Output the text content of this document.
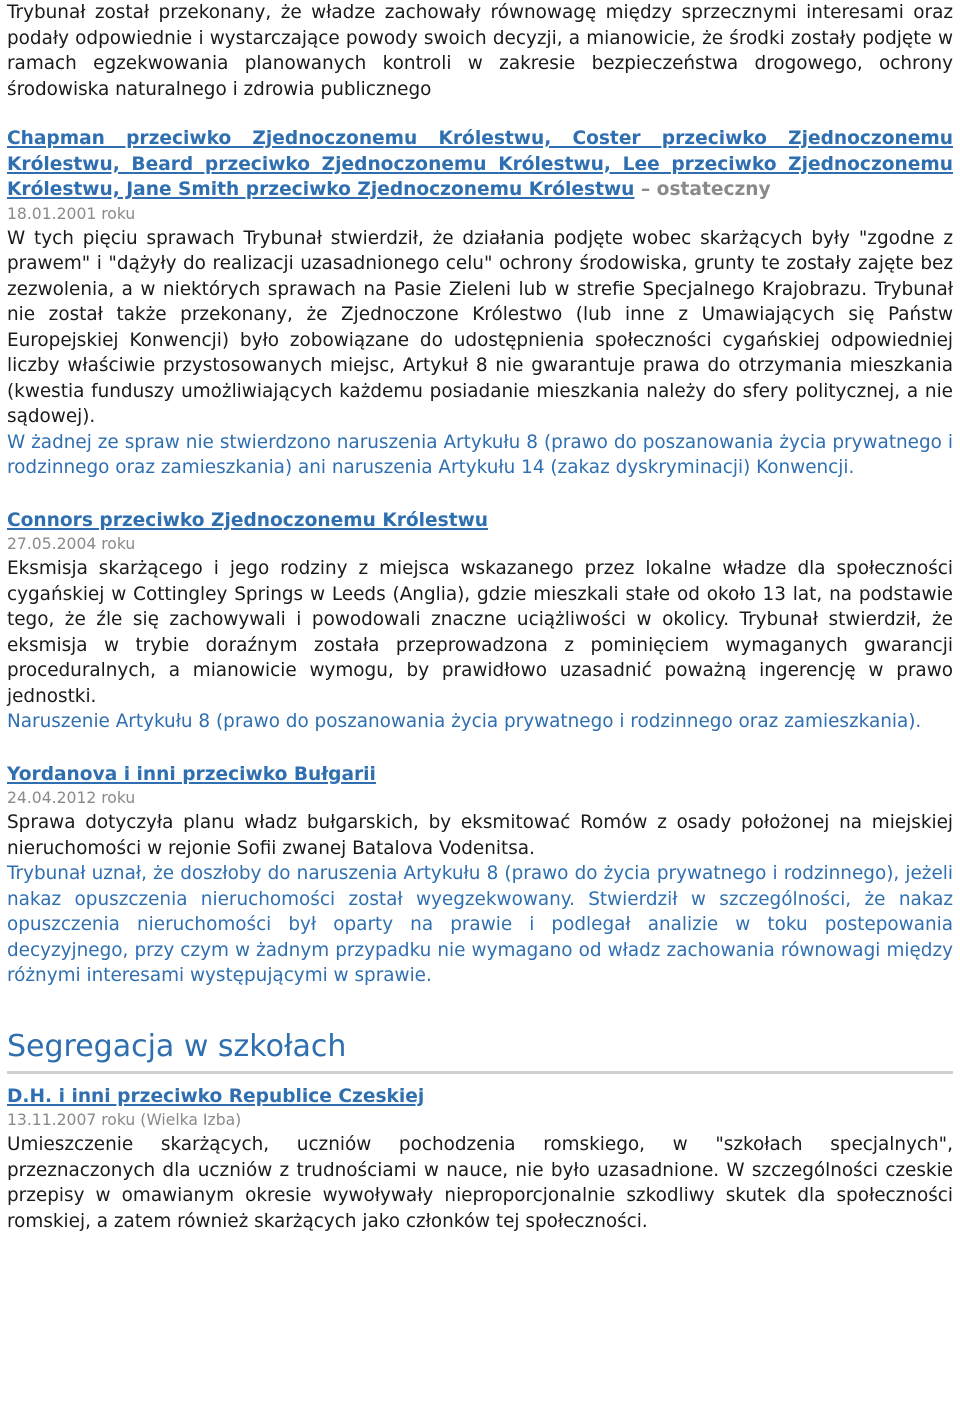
Trybunał został przekonany, że władze zachowały równowagę między sprzecznymi interesami oraz podały odpowiednie i wystarczające powody swoich decyzji, a mianowicie, że środki zostały podjęte w ramach egzekwowania planowanych kontroli w zakresie bezpieczeństwa drogowego, ochrony środowiska naturalnego i zdrowia publicznego

Chapman przeciwko Zjednoczonemu Królestwu, Coster przeciwko Zjednoczonemu Królestwu, Beard przeciwko Zjednoczonemu Królestwu, Lee przeciwko Zjednoczonemu Królestwu, Jane Smith przeciwko Zjednoczonemu Królestwu – ostateczny
18.01.2001 roku

W tych pięciu sprawach Trybunał stwierdził, że działania podjęte wobec skarżących były "zgodne z prawem" i "dążyły do realizacji uzasadnionego celu" ochrony środowiska, grunty te zostały zajęte bez zezwolenia, a w niektórych sprawach na Pasie Zieleni lub w strefie Specjalnego Krajobrazu. Trybunał nie został także przekonany, że Zjednoczone Królestwo (lub inne z Umawiających się Państw Europejskiej Konwencji) było zobowiązane do udostępnienia społeczności cygańskiej odpowiedniej liczby właściwie przystosowanych miejsc, Artykuł 8 nie gwarantuje prawa do otrzymania mieszkania (kwestia funduszy umożliwiających każdemu posiadanie mieszkania należy do sfery politycznej, a nie sądowej).

W żadnej ze spraw nie stwierdzono naruszenia Artykułu 8 (prawo do poszanowania życia prywatnego i rodzinnego oraz zamieszkania) ani naruszenia Artykułu 14 (zakaz dyskryminacji) Konwencji.

Connors przeciwko Zjednoczonemu Królestwu
27.05.2004 roku

Eksmisja skarżącego i jego rodziny z miejsca wskazanego przez lokalne władze dla społeczności cygańskiej w Cottingley Springs w Leeds (Anglia), gdzie mieszkali stałe od około 13 lat, na podstawie tego, że źle się zachowywali i powodowali znaczne uciążliwości w okolicy. Trybunał stwierdził, że eksmisja w trybie doraźnym została przeprowadzona z pominięciem wymaganych gwarancji proceduralnych, a mianowicie wymogu, by prawidłowo uzasadnić poważną ingerencję w prawo jednostki.

Naruszenie Artykułu 8 (prawo do poszanowania życia prywatnego i rodzinnego oraz zamieszkania).

Yordanova i inni przeciwko Bułgarii
24.04.2012 roku

Sprawa dotyczyła planu władz bułgarskich, by eksmitować Romów z osady położonej na miejskiej nieruchomości w rejonie Sofii zwanej Batalova Vodenitsa.

Trybunał uznał, że doszłoby do naruszenia Artykułu 8 (prawo do życia prywatnego i rodzinnego), jeżeli nakaz opuszczenia nieruchomości został wyegzekwowany. Stwierdził w szczególności, że nakaz opuszczenia nieruchomości był oparty na prawie i podlegał analizie w toku postepowania decyzyjnego, przy czym w żadnym przypadku nie wymagano od władz zachowania równowagi między różnymi interesami występującymi w sprawie.

Segregacja w szkołach
D.H. i inni przeciwko Republice Czeskiej
13.11.2007 roku (Wielka Izba)

Umieszczenie skarżących, uczniów pochodzenia romskiego, w "szkołach specjalnych", przeznaczonych dla uczniów z trudnościami w nauce, nie było uzasadnione. W szczególności czeskie przepisy w omawianym okresie wywoływały nieproporcjonalnie szkodliwy skutek dla społeczności romskiej, a zatem również skarżących jako członków tej społeczności.
